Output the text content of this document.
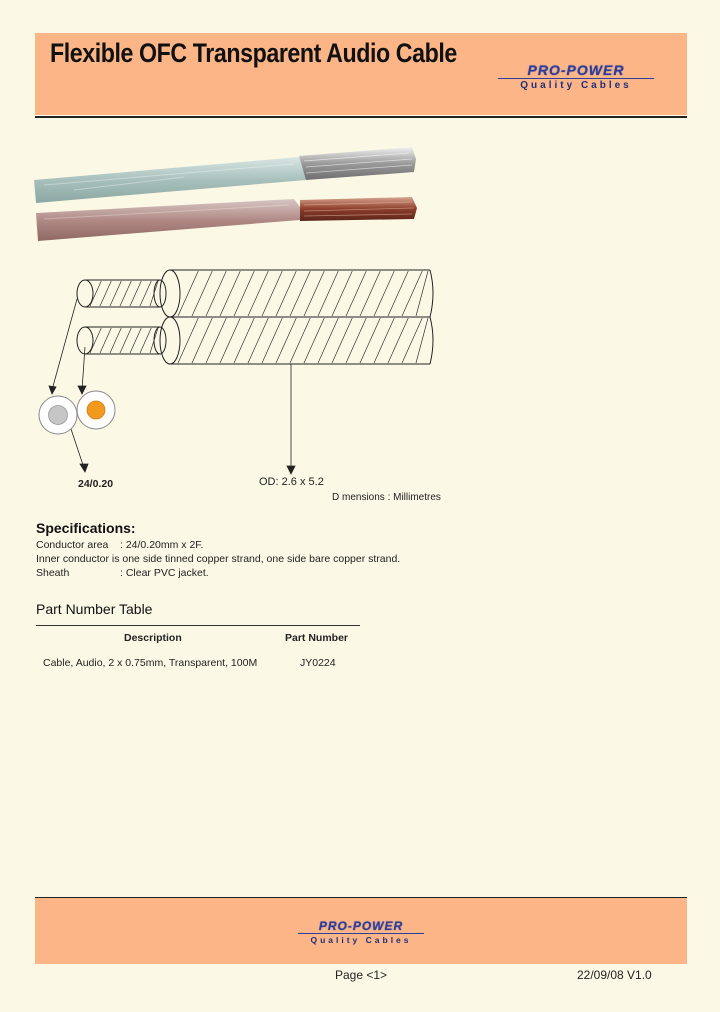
Flexible OFC Transparent Audio Cable
PRO-POWER
Quality Cables
24/0.20	OD: 2.6 x 5.2
D mensions : Millimetres
Specifications:
Conductor area : 24/0.20mm x 2F.
Inner conductor is one side tinned copper strand, one side bare copper strand.
Sheath	: Clear PVC jacket.
Part Number Table
Description	Part Number
Cable, Audio, 2 x 0.75mm, Transparent, 100M	JY0224
PRO-POWER
Quality Cables
Page <1>	22/09/08 V1.0
